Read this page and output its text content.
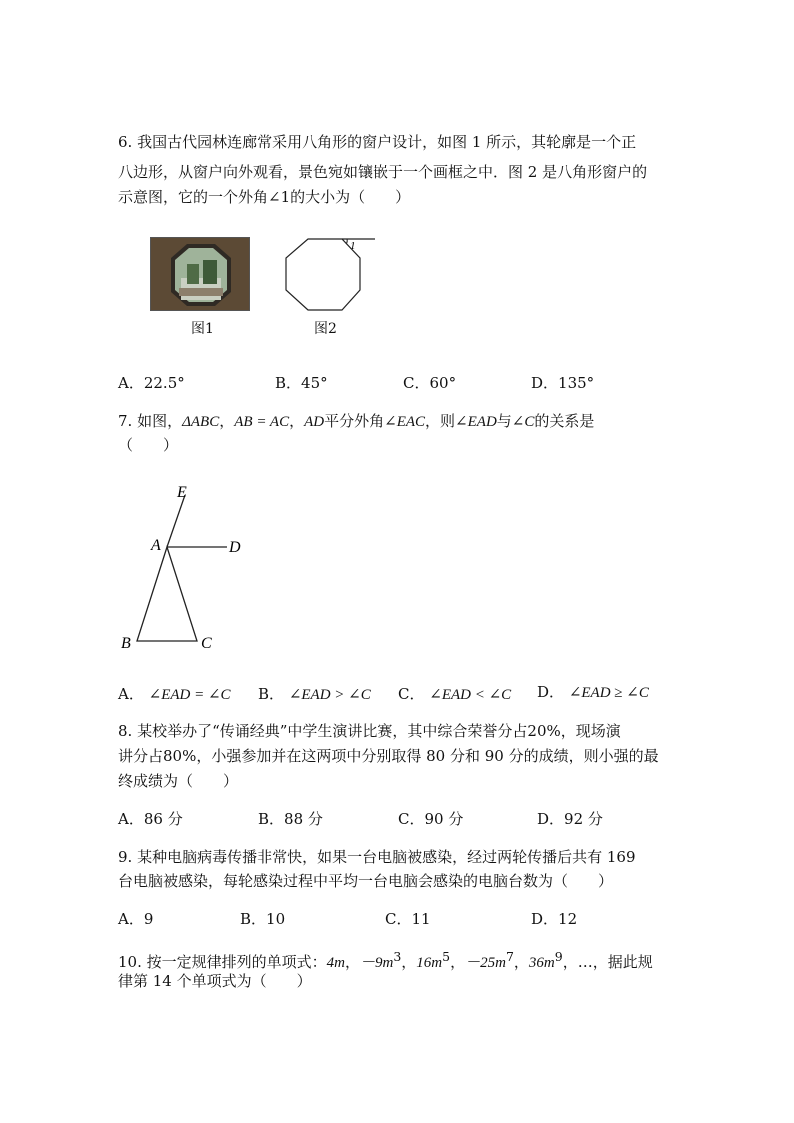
6. 我国古代园林连廊常采用八角形的窗户设计，如图 1 所示，其轮廓是一个正
八边形，从窗户向外观看，景色宛如镶嵌于一个画框之中．图 2 是八角形窗户的
示意图，它的一个外角∠1的大小为（　　）
图1
1
图2
A．22.5°	B．45°	C．60°	D．135°
7. 如图，ΔABC，AB = AC，AD平分外角∠EAC，则∠EAD与∠C的关系是
（　　）
E
A	D
B	C
A． ∠EAD = ∠C B． ∠EAD > ∠C C． ∠EAD < ∠C D． ∠EAD ≥ ∠C
8. 某校举办了“传诵经典”中学生演讲比赛，其中综合荣誉分占20%，现场演
讲分占80%，小强参加并在这两项中分别取得 80 分和 90 分的成绩，则小强的最
终成绩为（　　）
A．86 分	B．88 分	C．90 分	D．92 分
9. 某种电脑病毒传播非常快，如果一台电脑被感染，经过两轮传播后共有 169
台电脑被感染，每轮感染过程中平均一台电脑会感染的电脑台数为（　　）
A．9	B．10	C．11	D．12
10. 按一定规律排列的单项式：4m，$-9m^3$，$16m^5$，$-25m^7$，$36m^9$，…，据此规
律第 14 个单项式为（　　）
